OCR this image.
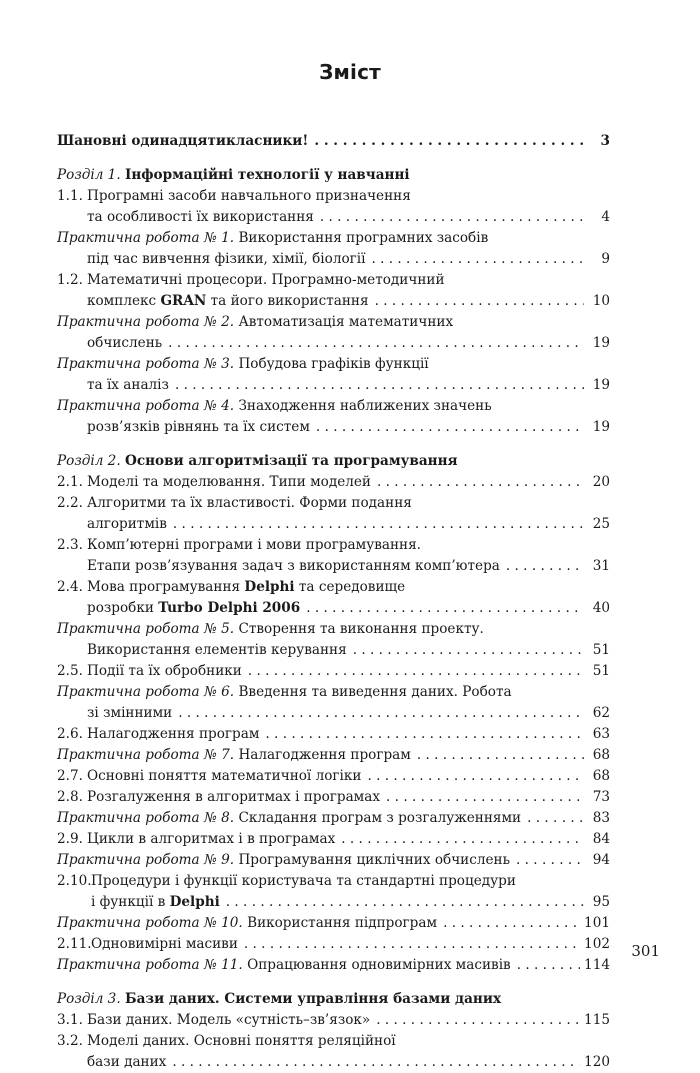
Зміст
Шановні одинадцятикласники! . . .	3
Розділ 1. Інформаційні технології у навчанні
1.1. Програмні засоби навчального призначення
та особливості їх використання . . .	4
Практична робота № 1. Використання програмних засобів
під час вивчення фізики, хімії, біології . . .	9
1.2. Математичні процесори. Програмно-методичний
комплекс GRAN та його використання . . .	10
Практична робота № 2. Автоматизація математичних
обчислень . . .	19
Практична робота № 3. Побудова графіків функції
та їх аналіз . . .	19
Практична робота № 4. Знаходження наближених значень
розв’язків рівнянь та їх систем . . .	19
Розділ 2. Основи алгоритмізації та програмування
2.1. Моделі та моделювання. Типи моделей . . .	20
2.2. Алгоритми та їх властивості. Форми подання
алгоритмів . . .	25
2.3. Комп’ютерні програми і мови програмування.
Етапи розв’язування задач з використанням комп’ютера . . .	31
2.4. Мова програмування Delphi та середовище
розробки Turbo Delphi 2006 . . .	40
Практична робота № 5. Створення та виконання проекту.
Використання елементів керування . . .	51
2.5. Події та їх обробники . . .	51
Практична робота № 6. Введення та виведення даних. Робота
зі змінними . . .	62
2.6. Налагодження програм . . .	63
Практична робота № 7. Налагодження програм . . .	68
2.7. Основні поняття математичної логіки . . .	68
2.8. Розгалуження в алгоритмах і програмах . . .	73
Практична робота № 8. Складання програм з розгалуженнями . . .	83
2.9. Цикли в алгоритмах і в програмах . . .	84
Практична робота № 9. Програмування циклічних обчислень . . .	94
2.10.Процедури і функції користувача та стандартні процедури
і функції в Delphi . . .	95
Практична робота № 10. Використання підпрограм . . .	101
2.11.Одновимірні масиви . . .	102
Практична робота № 11. Опрацювання одновимірних масивів . . .	114
Розділ 3. Бази даних. Системи управління базами даних
3.1. Бази даних. Модель «сутність–зв’язок» . . .	115
3.2. Моделі даних. Основні поняття реляційної
бази даних . . .	120
301
